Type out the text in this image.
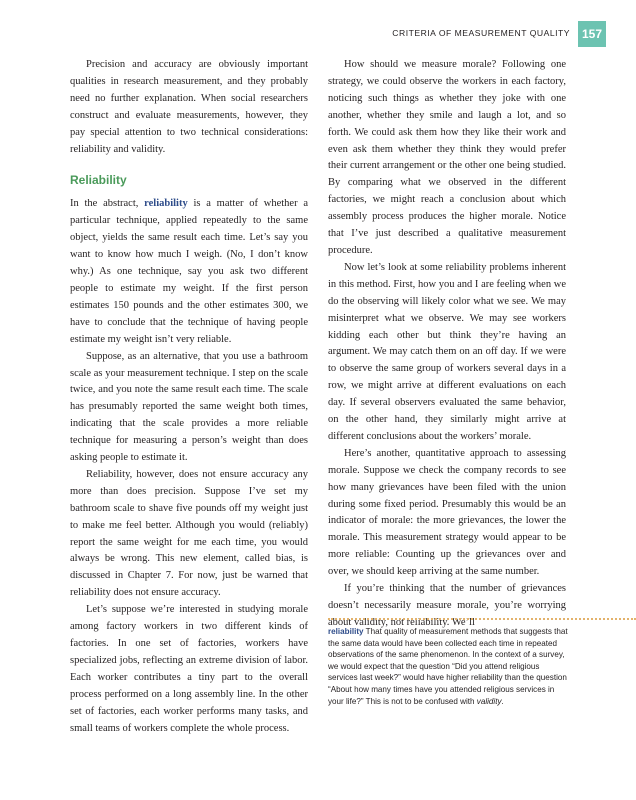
CRITERIA OF MEASUREMENT QUALITY 157

Precision and accuracy are obviously important qualities in research measurement, and they probably need no further explanation. When social researchers construct and evaluate measurements, however, they pay special attention to two technical considerations: reliability and validity.

Reliability

In the abstract, reliability is a matter of whether a particular technique, applied repeatedly to the same object, yields the same result each time. Let’s say you want to know how much I weigh. (No, I don’t know why.) As one technique, say you ask two different people to estimate my weight. If the first person estimates 150 pounds and the other estimates 300, we have to conclude that the technique of having people estimate my weight isn’t very reliable.

Suppose, as an alternative, that you use a bathroom scale as your measurement technique. I step on the scale twice, and you note the same result each time. The scale has presumably reported the same weight both times, indicating that the scale provides a more reliable technique for measuring a person’s weight than does asking people to estimate it.

Reliability, however, does not ensure accuracy any more than does precision. Suppose I’ve set my bathroom scale to shave five pounds off my weight just to make me feel better. Although you would (reliably) report the same weight for me each time, you would always be wrong. This new element, called bias, is discussed in Chapter 7. For now, just be warned that reliability does not ensure accuracy.

Let’s suppose we’re interested in studying morale among factory workers in two different kinds of factories. In one set of factories, workers have specialized jobs, reflecting an extreme division of labor. Each worker contributes a tiny part to the overall process performed on a long assembly line. In the other set of factories, each worker performs many tasks, and small teams of workers complete the whole process.

How should we measure morale? Following one strategy, we could observe the workers in each factory, noticing such things as whether they joke with one another, whether they smile and laugh a lot, and so forth. We could ask them how they like their work and even ask them whether they think they would prefer their current arrangement or the other one being studied. By comparing what we observed in the different factories, we might reach a conclusion about which assembly process produces the higher morale. Notice that I’ve just described a qualitative measurement procedure.

Now let’s look at some reliability problems inherent in this method. First, how you and I are feeling when we do the observing will likely color what we see. We may misinterpret what we observe. We may see workers kidding each other but think they’re having an argument. We may catch them on an off day. If we were to observe the same group of workers several days in a row, we might arrive at different evaluations on each day. If several observers evaluated the same behavior, on the other hand, they similarly might arrive at different conclusions about the workers’ morale.

Here’s another, quantitative approach to assessing morale. Suppose we check the company records to see how many grievances have been filed with the union during some fixed period. Presumably this would be an indicator of morale: the more grievances, the lower the morale. This measurement strategy would appear to be more reliable: Counting up the grievances over and over, we should keep arriving at the same number.

If you’re thinking that the number of grievances doesn’t necessarily measure morale, you’re worrying about validity, not reliability. We’ll

reliability That quality of measurement methods that suggests that the same data would have been collected each time in repeated observations of the same phenomenon. In the context of a survey, we would expect that the question “Did you attend religious services last week?” would have higher reliability than the question “About how many times have you attended religious services in your life?” This is not to be confused with validity.
